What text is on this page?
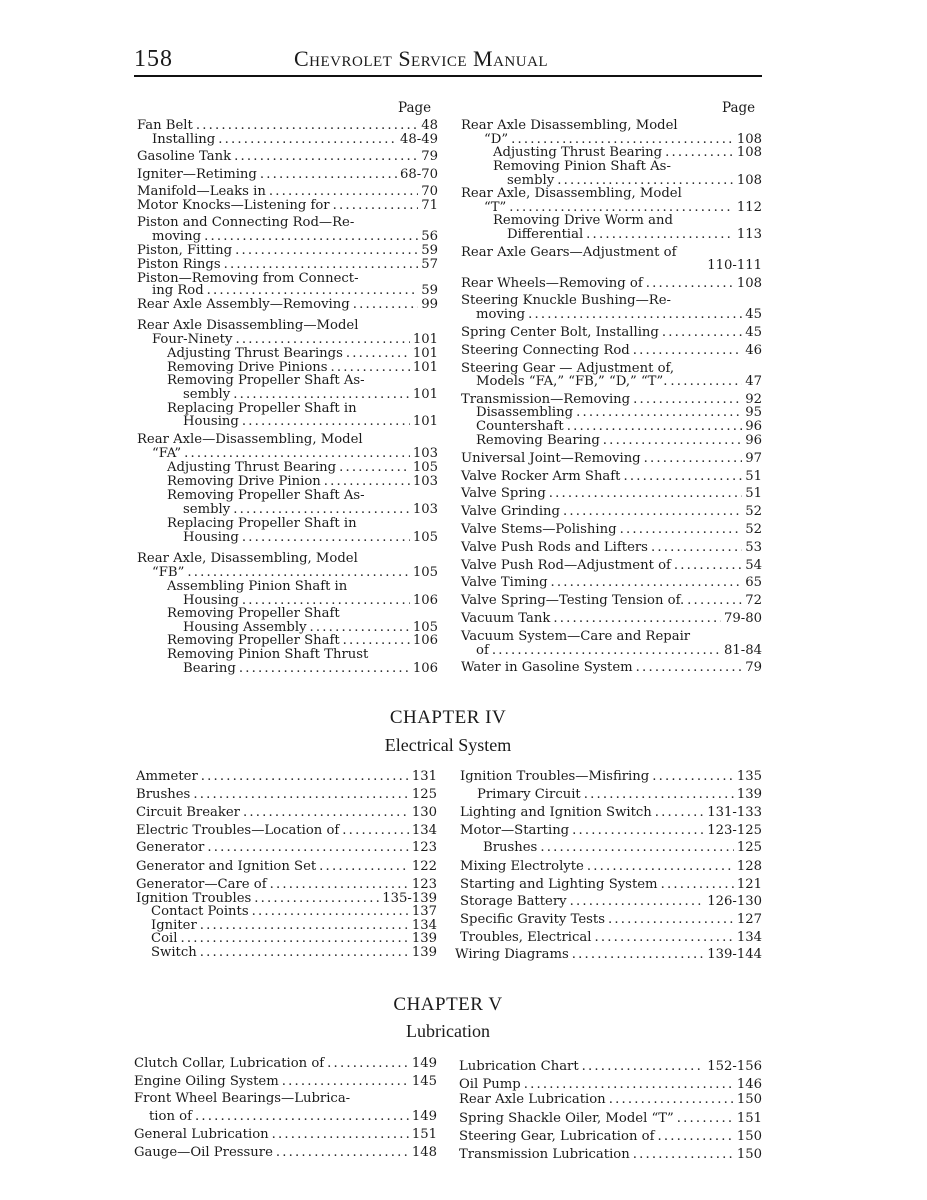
158	Chevrolet Service Manual
Page	Page
CHAPTER IV
Electrical System
CHAPTER V
Lubrication
Fan Belt . . .	48
Installing . . .	48-49
Gasoline Tank . . .	79
Igniter—Retiming . . .	68-70
Manifold—Leaks in . . .	70
Motor Knocks—Listening for . . .	71
Piston and Connecting Rod—Re-
moving . . .	56
Piston, Fitting . . .	59
Piston Rings . . .	57
Piston—Removing from Connect-
ing Rod . . .	59
Rear Axle Assembly—Removing . . .	99
Rear Axle Disassembling—Model
Four-Ninety . . .	101
Adjusting Thrust Bearings . . .	101
Removing Drive Pinions . . .	101
Removing Propeller Shaft As-
sembly . . .	101
Replacing Propeller Shaft in
Housing . . .	101
Rear Axle—Disassembling, Model
“FA” . . .	103
Adjusting Thrust Bearing . . .	105
Removing Drive Pinion . . .	103
Removing Propeller Shaft As-
sembly . . .	103
Replacing Propeller Shaft in
Housing . . .	105
Rear Axle, Disassembling, Model
“FB” . . .	105
Assembling Pinion Shaft in
Housing . . .	106
Removing Propeller Shaft
Housing Assembly . . .	105
Removing Propeller Shaft . . .	106
Removing Pinion Shaft Thrust
Bearing . . .	106
Rear Axle Disassembling, Model
“D” . . .	108
Adjusting Thrust Bearing . . .	108
Removing Pinion Shaft As-
sembly . . .	108
Rear Axle, Disassembling, Model
“T” . . .	112
Removing Drive Worm and
Differential . . .	113
Rear Axle Gears—Adjustment of
110-111
Rear Wheels—Removing of . . .	108
Steering Knuckle Bushing—Re-
moving . . .	45
Spring Center Bolt, Installing . . .	45
Steering Connecting Rod . . .	46
Steering Gear — Adjustment of,
Models “FA,” “FB,” “D,” “T”. . . .	47
Transmission—Removing . . .	92
Disassembling . . .	95
Countershaft . . .	96
Removing Bearing . . .	96
Universal Joint—Removing . . .	97
Valve Rocker Arm Shaft . . .	51
Valve Spring . . .	51
Valve Grinding . . .	52
Valve Stems—Polishing . . .	52
Valve Push Rods and Lifters . . .	53
Valve Push Rod—Adjustment of . . .	54
Valve Timing . . .	65
Valve Spring—Testing Tension of. . . .	72
Vacuum Tank . . .	79-80
Vacuum System—Care and Repair
of . . .	81-84
Water in Gasoline System . . .	79
Ammeter . . .	131
Brushes . . .	125
Circuit Breaker . . .	130
Electric Troubles—Location of . . .	134
Generator . . .	123
Generator and Ignition Set . . .	122
Generator—Care of . . .	123
Ignition Troubles . . .	135-139
Contact Points . . .	137
Igniter . . .	134
Coil . . .	139
Switch . . .	139
Ignition Troubles—Misfiring . . .	135
Primary Circuit . . .	139
Lighting and Ignition Switch . . .	131-133
Motor—Starting . . .	123-125
Brushes . . .	125
Mixing Electrolyte . . .	128
Starting and Lighting System . . .	121
Storage Battery . . .	126-130
Specific Gravity Tests . . .	127
Troubles, Electrical . . .	134
Wiring Diagrams . . .	139-144
Clutch Collar, Lubrication of . . .	149
Engine Oiling System . . .	145
Front Wheel Bearings—Lubrica-
tion of . . .	149
General Lubrication . . .	151
Gauge—Oil Pressure . . .	148
Lubrication Chart . . .	152-156
Oil Pump . . .	146
Rear Axle Lubrication . . .	150
Spring Shackle Oiler, Model “T” . . .	151
Steering Gear, Lubrication of . . .	150
Transmission Lubrication . . .	150
